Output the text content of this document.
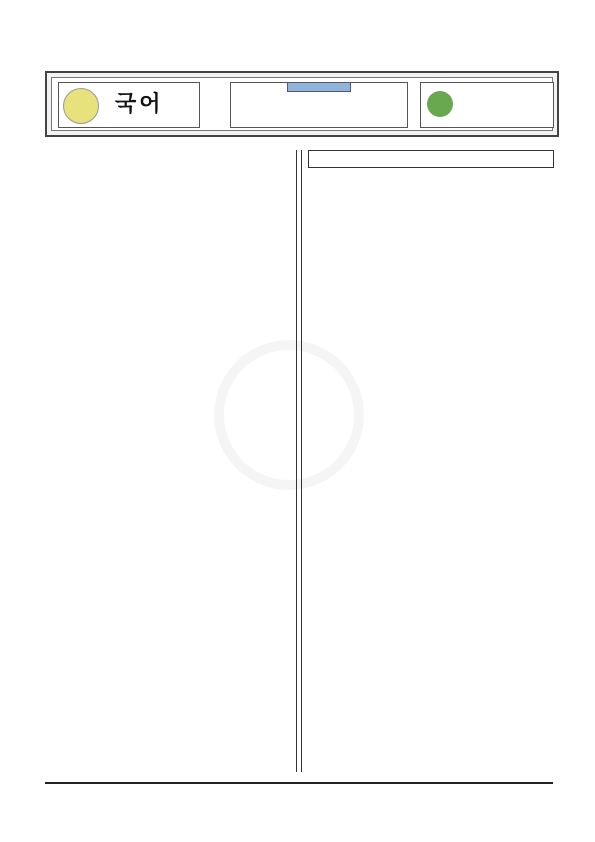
국어
